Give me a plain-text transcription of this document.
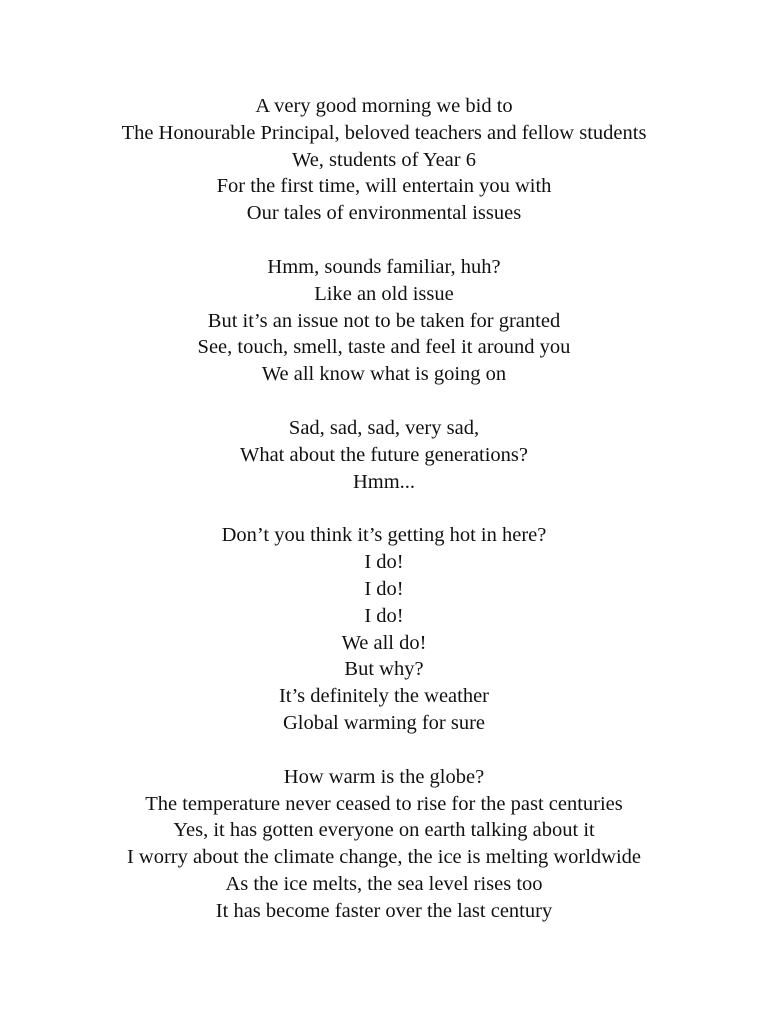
A very good morning we bid to
The Honourable Principal, beloved teachers and fellow students
We, students of Year 6
For the first time, will entertain you with
Our tales of environmental issues
Hmm, sounds familiar, huh?
Like an old issue
But it’s an issue not to be taken for granted
See, touch, smell, taste and feel it around you
We all know what is going on
Sad, sad, sad, very sad,
What about the future generations?
Hmm...
Don’t you think it’s getting hot in here?
I do!
I do!
I do!
We all do!
But why?
It’s definitely the weather
Global warming for sure
How warm is the globe?
The temperature never ceased to rise for the past centuries
Yes, it has gotten everyone on earth talking about it
I worry about the climate change, the ice is melting worldwide
As the ice melts, the sea level rises too
It has become faster over the last century
